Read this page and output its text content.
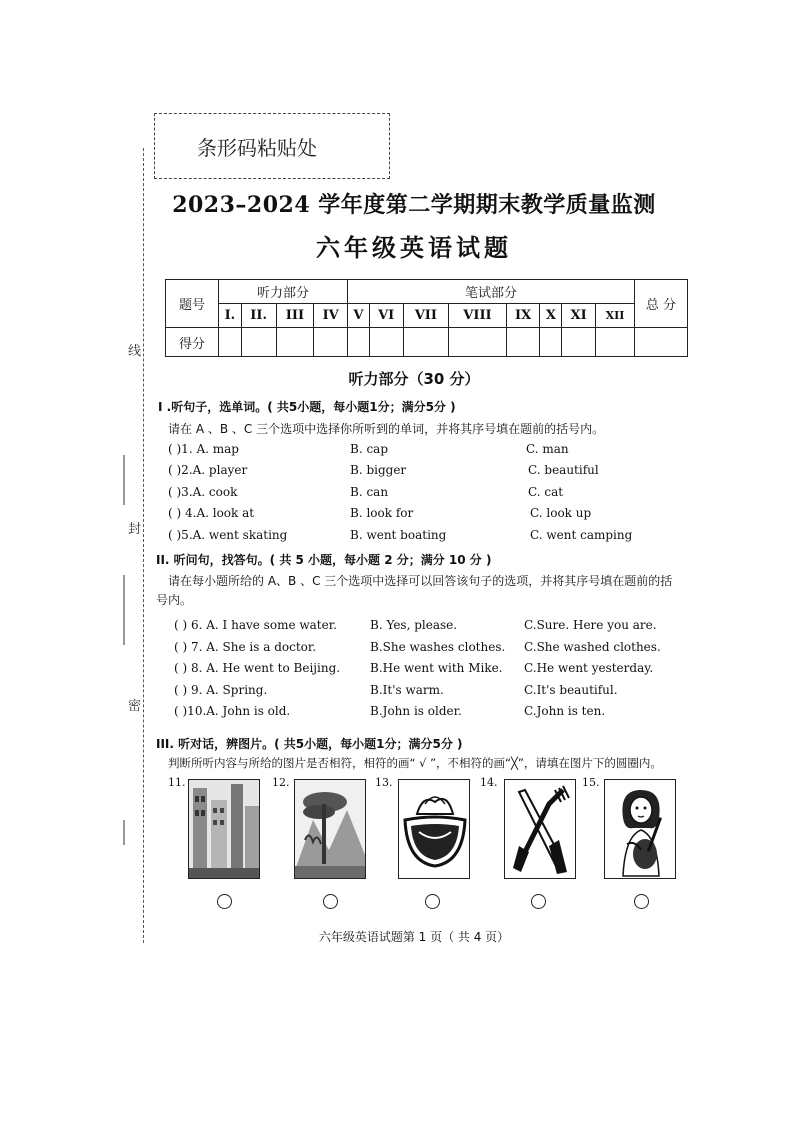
条形码粘贴处
线
封
密
2023–2024 学年度第二学期期末教学质量监测
六年级英语试题
题号	听力部分				笔试部分								总 分
	I.	II.	III	IV	V	VI	VII	VIII	IX	X	XI	XII	
得分													
听力部分（30 分）
I .听句子，选单词。( 共5小题，每小题1分；满分5分 )
请在 A 、B 、C 三个选项中选择你所听到的单词，并将其序号填在题前的括号内。
( )1. A. map	B. cap	C. man
( )2.A. player	B. bigger	C. beautiful
( )3.A. cook	B. can	C. cat
( ) 4.A. look at	B. look for	C. look up
( )5.A. went skating	B. went boating	C. went camping
II. 听问句，找答句。( 共 5 小题，每小题 2 分；满分 10 分 )
请在每小题所给的 A、B 、C 三个选项中选择可以回答该句子的选项，并将其序号填在题前的括
号内。
( ) 6. A. I have some water.	B. Yes, please.	C.Sure. Here you are.
( ) 7. A. She is a doctor.	B.She washes clothes. C.She washed clothes.
( ) 8. A. He went to Beijing. B.He went with Mike. C.He went yesterday.
( ) 9. A. Spring.	B.It's warm.	C.It's beautiful.
( )10.A. John is old.	B.John is older.	C.John is ten.
III. 听对话，辨图片。( 共5小题，每小题1分；满分5分 )
判断所听内容与所给的图片是否相符，相符的画“ √ ”，不相符的画“╳”，请填在图片下的圆圈内。
11.	12.	13.	14.	15.
六年级英语试题第 1 页（ 共 4 页）
